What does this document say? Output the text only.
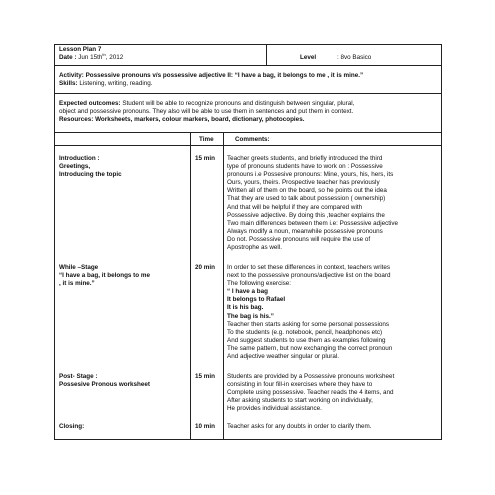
Lesson Plan 7
Date : Jun $15th^{th}$, 2012	Level	: 8vo Basico
Activity: Possessive pronouns v/s possessive adjective II: “I have a bag, it belongs to me , it is mine.”
Skills: Listening, writing, reading.
Expected outcomes: Student will be able to recognize pronouns and distinguish between singular, plural,
object and possessive pronouns. They also will be able to use them in sentences and put them in context.
Resources: Worksheets, markers, colour markers, board, dictionary, photocopies.
Time	Comments:
Introduction :
Greetings,
Introducing the topic
15 min Teacher greets students, and briefly introduced the third
type of pronouns students have to work on : Possessive
pronouns i.e Possesive pronouns: Mine, yours, his, hers, its
Ours, yours, theirs. Prospective teacher has previously
Written all of them on the board, so he points out the idea
That they are used to talk about possession ( ownership)
And that will be helpful if they are compared with
Possessive adjective. By doing this ,teacher explains the
Two main differences between them i.e: Possessive adjective
Always modify a noun, meanwhile possessive pronouns
Do not. Possessive pronouns will require the use of
Apostrophe as well.
While –Stage
“I have a bag, it belongs to me
, it is mine.”
20 min In order to set these differences in context, teachers writes
next to the possessive pronouns/adjective list on the board
The following exercise:
“ I have a bag
It belongs to Rafael
It is his bag.
The bag is his.”
Teacher then starts asking for some personal possessions
To the students (e.g. notebook, pencil, headphones etc)
And suggest students to use them as examples following
The same pattern, but now exchanging the correct pronoun
And adjective weather singular or plural.
Post- Stage :
Possesive Pronous worksheet
15 min Students are provided by a Possessive pronouns worksheet
consisting in four fill-in exercises where they have to
Complete using possessive. Teacher reads the 4 items, and
After asking students to start working on individually,
He provides individual assistance.
Closing:	10 min Teacher asks for any doubts in order to clarify them.
